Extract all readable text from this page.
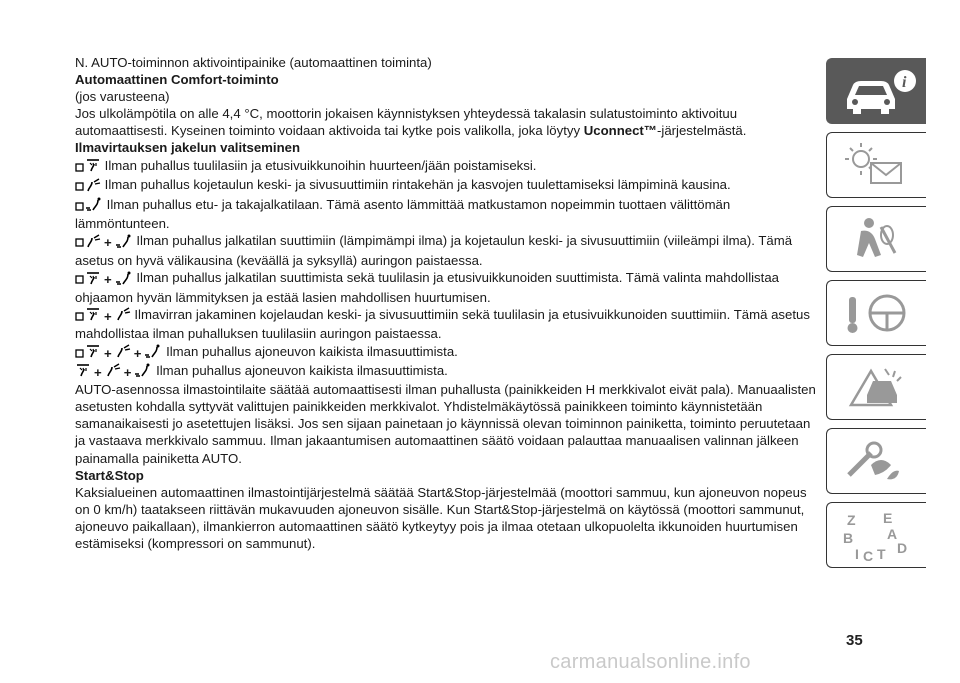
N. AUTO-toiminnon aktivointipainike (automaattinen toiminta)

Automaattinen Comfort-toiminto

(jos varusteena)

Jos ulkolämpötila on alle 4,4 °C, moottorin jokaisen käynnistyksen yhteydessä takalasin sulatustoiminto aktivoituu automaattisesti. Kyseinen toiminto voidaan aktivoida tai kytke pois valikolla, joka löytyy Uconnect™-järjestelmästä.

Ilmavirtauksen jakelun valitseminen

Ilman puhallus tuulilasiin ja etusivuikkunoihin huurteen/jään poistamiseksi.

Ilman puhallus kojetaulun keski- ja sivusuuttimiin rintakehän ja kasvojen tuulettamiseksi lämpiminä kausina.

Ilman puhallus etu- ja takajalkatilaan. Tämä asento lämmittää matkustamon nopeimmin tuottaen välittömän lämmöntunteen.

+ Ilman puhallus jalkatilan suuttimiin (lämpimämpi ilma) ja kojetaulun keski- ja sivusuuttimiin (viileämpi ilma). Tämä asetus on hyvä välikausina (keväällä ja syksyllä) auringon paistaessa.

+ Ilman puhallus jalkatilan suuttimista sekä tuulilasin ja etusivuikkunoiden suuttimista. Tämä valinta mahdollistaa ohjaamon hyvän lämmityksen ja estää lasien mahdollisen huurtumisen.

+ Ilmavirran jakaminen kojelaudan keski- ja sivusuuttimiin sekä tuulilasin ja etusivuikkunoiden suuttimiin. Tämä asetus mahdollistaa ilman puhalluksen tuulilasiin auringon paistaessa.

+ + Ilman puhallus ajoneuvon kaikista ilmasuuttimista.

+ + Ilman puhallus ajoneuvon kaikista ilmasuuttimista.

AUTO-asennossa ilmastointilaite säätää automaattisesti ilman puhallusta (painikkeiden H merkkivalot eivät pala). Manuaalisten asetusten kohdalla syttyvät valittujen painikkeiden merkkivalot. Yhdistelmäkäytössä painikkeen toiminto käynnistetään samanaikaisesti jo asetettujen lisäksi. Jos sen sijaan painetaan jo käynnissä olevan toiminnon painiketta, toiminto peruutetaan ja vastaava merkkivalo sammuu. Ilman jakaantumisen automaattinen säätö voidaan palauttaa manuaalisen valinnan jälkeen painamalla painiketta AUTO.

Start&Stop

Kaksialueinen automaattinen ilmastointijärjestelmä säätää Start&Stop-järjestelmää (moottori sammuu, kun ajoneuvon nopeus on 0 km/h) taatakseen riittävän mukavuuden ajoneuvon sisälle. Kun Start&Stop-järjestelmä on käytössä (moottori sammunut, ajoneuvo paikallaan), ilmankierron automaattinen säätö kytkeytyy pois ja ilmaa otetaan ulkopuolelta ikkunoiden huurtumisen estämiseksi (kompressori on sammunut).

i
Z E
B A
I C T D
35
carmanualsonline.info
